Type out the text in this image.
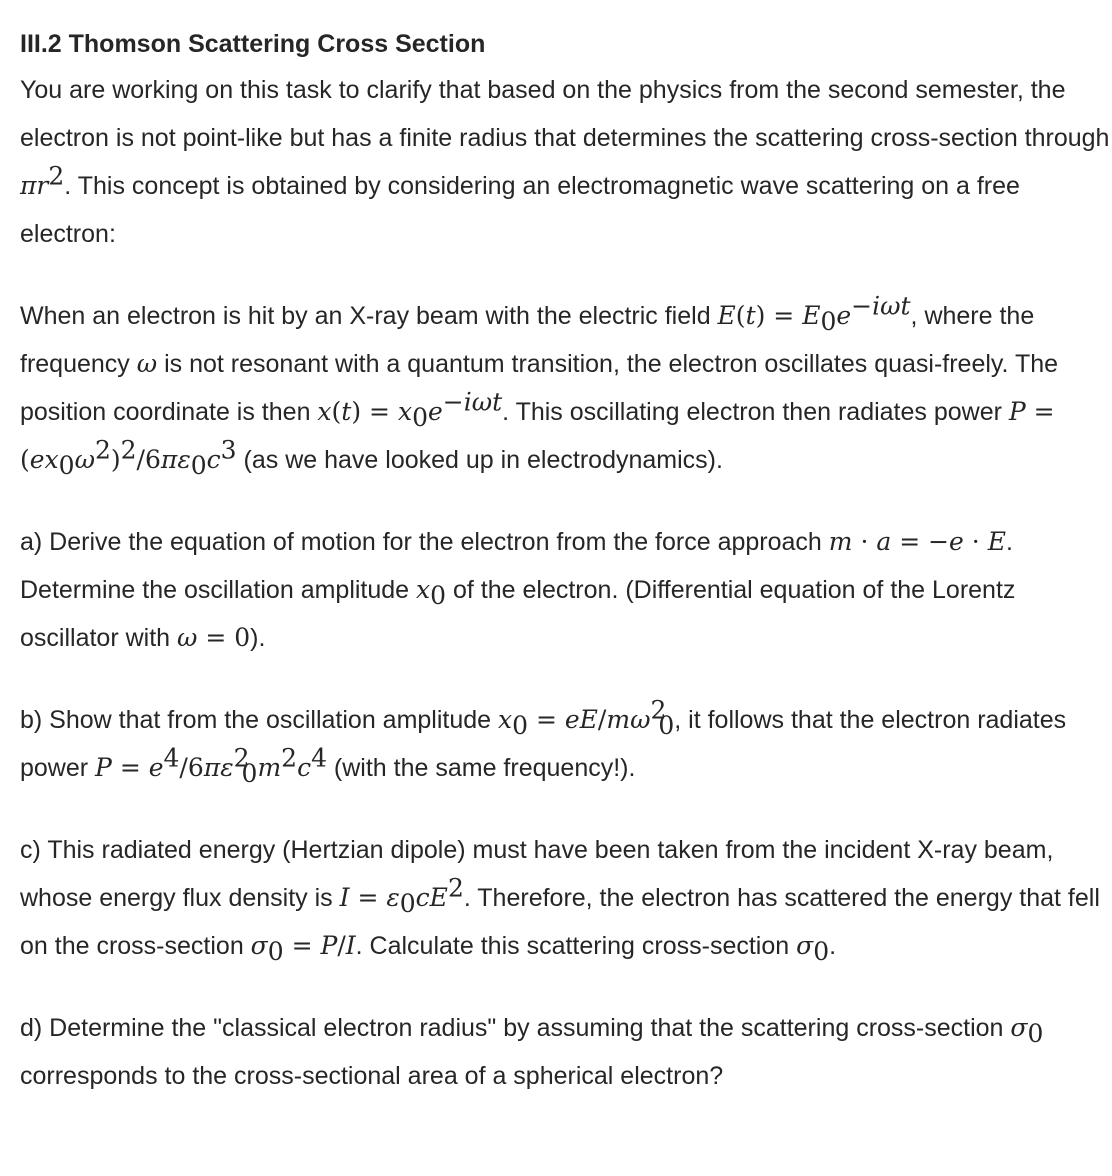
III.2 Thomson Scattering Cross Section

You are working on this task to clarify that based on the physics from the second semester, the electron is not point-like but has a finite radius that determines the scattering cross-section through $\pi r^2$. This concept is obtained by considering an electromagnetic wave scattering on a free electron:

When an electron is hit by an X-ray beam with the electric field $E(t) = E_0e^{-i\omega t}$, where the frequency ω is not resonant with a quantum transition, the electron oscillates quasi-freely. The position coordinate is then $x(t) = x_0e^{-i\omega t}$. This oscillating electron then radiates power $P = (ex_0\omega^2)^2/6\pi\varepsilon_0c^3$ (as we have looked up in electrodynamics).

a) Derive the equation of motion for the electron from the force approach m · a = −e · E. Determine the oscillation amplitude $x_0$ of the electron. (Differential equation of the Lorentz oscillator with ω = 0).

b) Show that from the oscillation amplitude $x_0 = eE/m\omega^2_0$, it follows that the electron radiates power $P = e^4/6\pi\varepsilon^2_0m^2c^4$ (with the same frequency!).

c) This radiated energy (Hertzian dipole) must have been taken from the incident X-ray beam, whose energy flux density is $I = \varepsilon_0cE^2$. Therefore, the electron has scattered the energy that fell on the cross-section $\sigma_0 = P/I$. Calculate this scattering cross-section $\sigma_0$.

d) Determine the "classical electron radius" by assuming that the scattering cross-section $\sigma_0$ corresponds to the cross-sectional area of a spherical electron?
